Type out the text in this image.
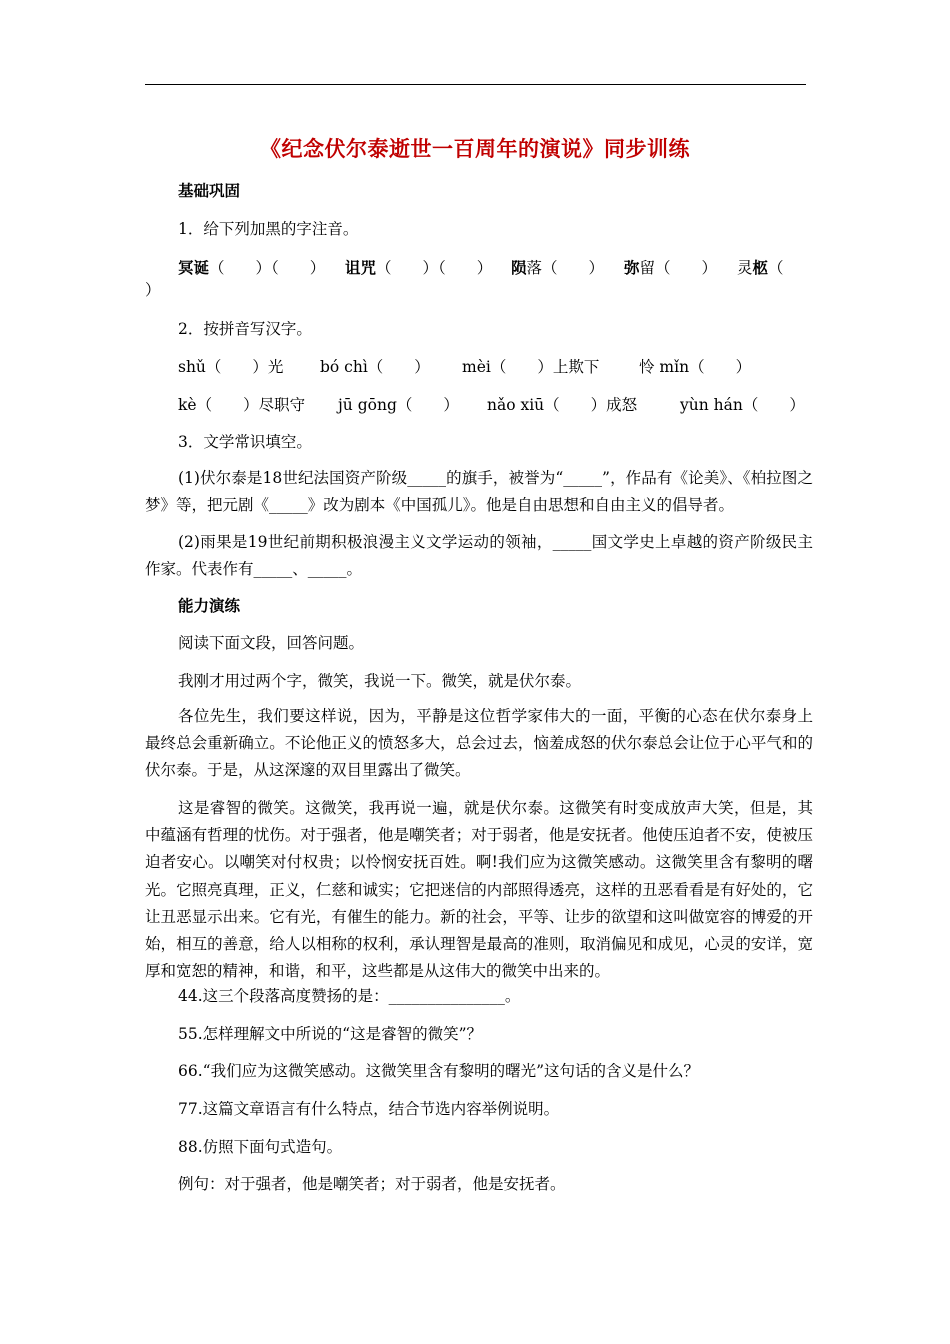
《纪念伏尔泰逝世一百周年的演说》同步训练
基础巩固
1．给下列加黑的字注音。
冥诞（　　）（　　） 诅咒（　　）（　　） 陨落（　　） 弥留（　　） 灵柩（
）
2．按拼音写汉字。
shǔ（　　）光 bó chì（　　） mèi（　　）上欺下	怜 mǐn（　　）
kè（　　）尽职守 jū gōng（　　） nǎo xiū（　　）成怒	yùn hán（　　）
3．文学常识填空。
(1)伏尔泰是18世纪法国资产阶级_____的旗手，被誉为“_____”，作品有《论美》、《柏拉图之梦》等，把元剧《_____》改为剧本《中国孤儿》。他是自由思想和自由主义的倡导者。
(2)雨果是19世纪前期积极浪漫主义文学运动的领袖，_____国文学史上卓越的资产阶级民主作家。代表作有_____、_____。
能力演练
阅读下面文段，回答问题。
我刚才用过两个字，微笑，我说一下。微笑，就是伏尔泰。
各位先生，我们要这样说，因为，平静是这位哲学家伟大的一面，平衡的心态在伏尔泰身上最终总会重新确立。不论他正义的愤怒多大，总会过去，恼羞成怒的伏尔泰总会让位于心平气和的伏尔泰。于是，从这深邃的双目里露出了微笑。
这是睿智的微笑。这微笑，我再说一遍，就是伏尔泰。这微笑有时变成放声大笑，但是，其中蕴涵有哲理的忧伤。对于强者，他是嘲笑者；对于弱者，他是安抚者。他使压迫者不安，使被压迫者安心。以嘲笑对付权贵；以怜悯安抚百姓。啊!我们应为这微笑感动。这微笑里含有黎明的曙光。它照亮真理，正义，仁慈和诚实；它把迷信的内部照得透亮，这样的丑恶看看是有好处的，它让丑恶显示出来。它有光，有催生的能力。新的社会，平等、让步的欲望和这叫做宽容的博爱的开始，相互的善意，给人以相称的权利，承认理智是最高的准则，取消偏见和成见，心灵的安详，宽厚和宽恕的精神，和谐，和平，这些都是从这伟大的微笑中出来的。
44.这三个段落高度赞扬的是：_______________。
55.怎样理解文中所说的“这是睿智的微笑”？
66.“我们应为这微笑感动。这微笑里含有黎明的曙光”这句话的含义是什么？
77.这篇文章语言有什么特点，结合节选内容举例说明。
88.仿照下面句式造句。
例句：对于强者，他是嘲笑者；对于弱者，他是安抚者。
